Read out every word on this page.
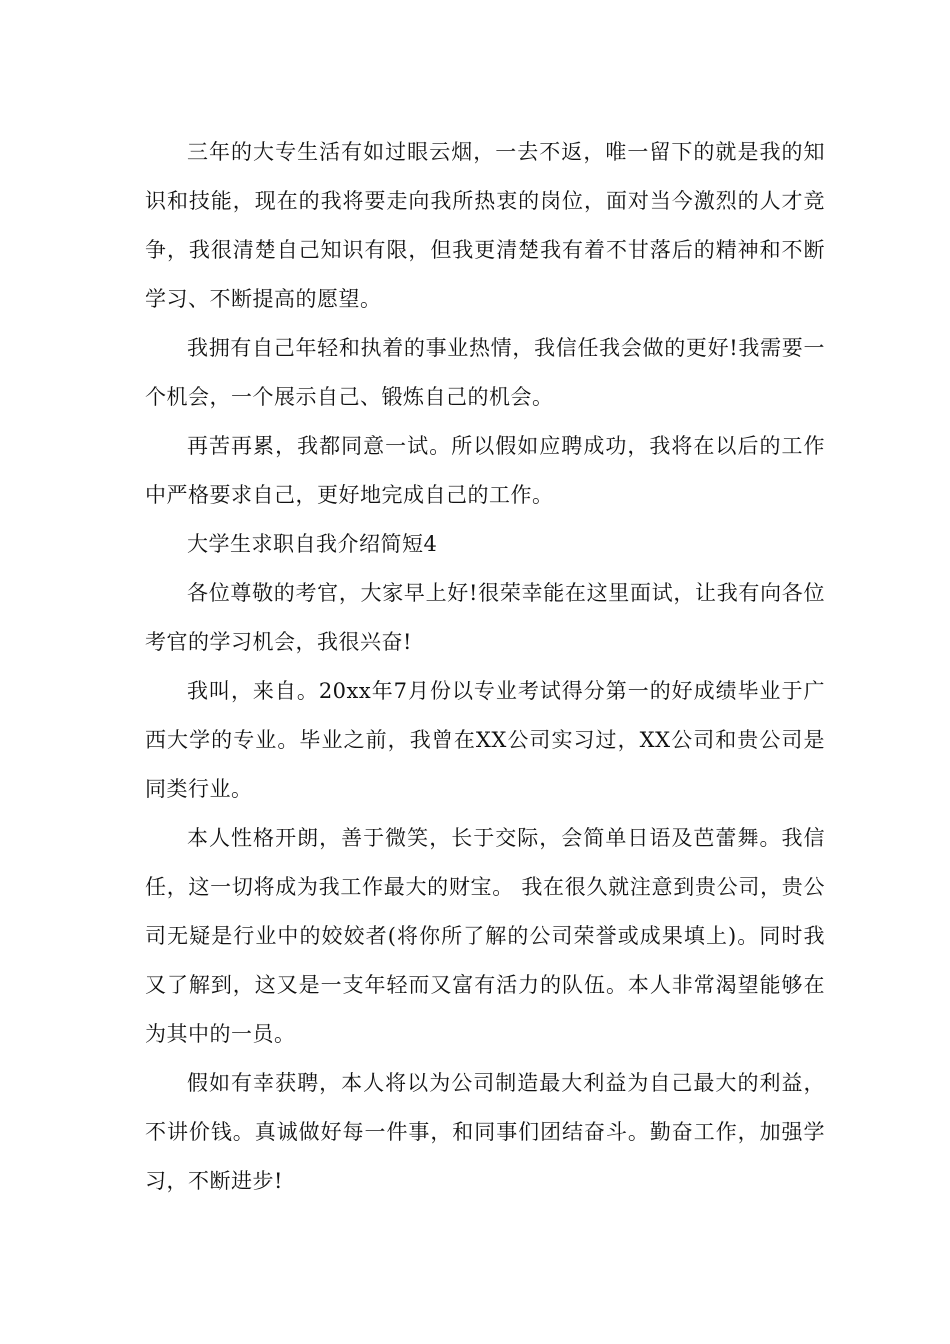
三年的大专生活有如过眼云烟，一去不返，唯一留下的就是我的知识和技能，现在的我将要走向我所热衷的岗位，面对当今激烈的人才竞争，我很清楚自己知识有限，但我更清楚我有着不甘落后的精神和不断学习、不断提高的愿望。

我拥有自己年轻和执着的事业热情，我信任我会做的更好!我需要一个机会，一个展示自己、锻炼自己的机会。

再苦再累，我都同意一试。所以假如应聘成功，我将在以后的工作中严格要求自己，更好地完成自己的工作。

大学生求职自我介绍简短4

各位尊敬的考官，大家早上好!很荣幸能在这里面试，让我有向各位考官的学习机会，我很兴奋!

我叫，来自。20xx年7月份以专业考试得分第一的好成绩毕业于广西大学的专业。毕业之前，我曾在XX公司实习过，XX公司和贵公司是同类行业。

本人性格开朗，善于微笑，长于交际，会简单日语及芭蕾舞。我信任，这一切将成为我工作最大的财宝。 我在很久就注意到贵公司，贵公司无疑是行业中的姣姣者(将你所了解的公司荣誉或成果填上)。同时我又了解到，这又是一支年轻而又富有活力的队伍。本人非常渴望能够在为其中的一员。

假如有幸获聘，本人将以为公司制造最大利益为自己最大的利益，不讲价钱。真诚做好每一件事，和同事们团结奋斗。勤奋工作，加强学习，不断进步!
